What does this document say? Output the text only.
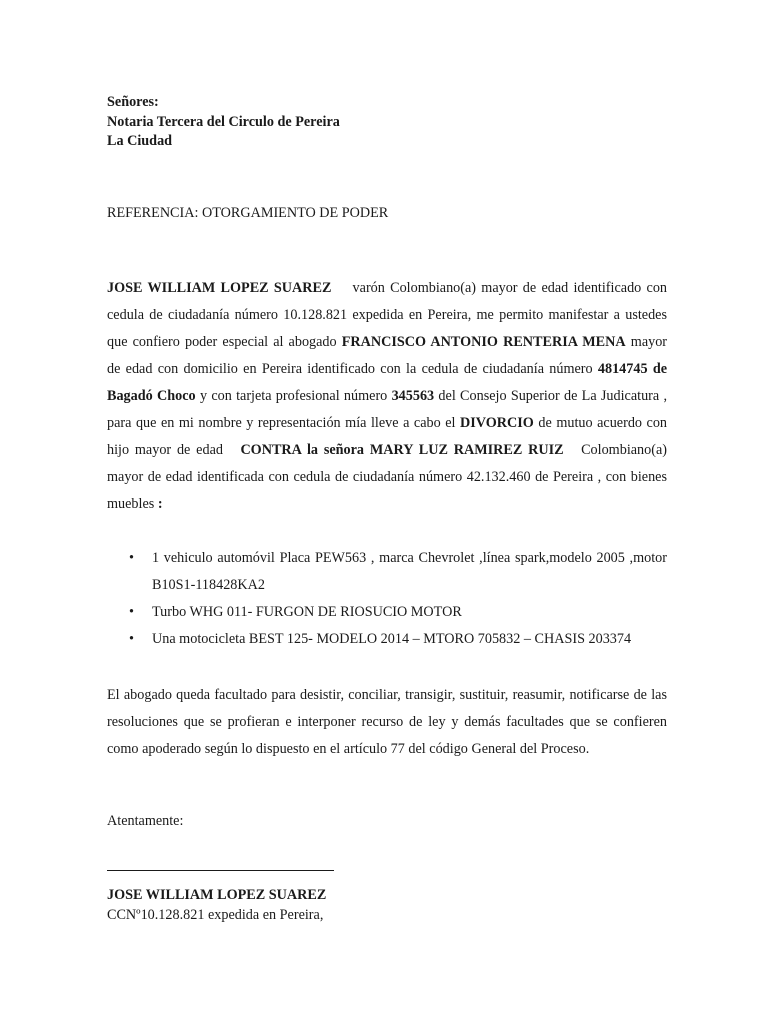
Señores:
Notaria Tercera del Circulo de Pereira
La Ciudad
REFERENCIA: OTORGAMIENTO DE PODER
JOSE WILLIAM LOPEZ SUAREZ varón Colombiano(a) mayor de edad identificado con cedula de ciudadanía número 10.128.821 expedida en Pereira, me permito manifestar a ustedes que confiero poder especial al abogado FRANCISCO ANTONIO RENTERIA MENA mayor de edad con domicilio en Pereira identificado con la cedula de ciudadanía número 4814745 de Bagadó Choco y con tarjeta profesional número 345563 del Consejo Superior de La Judicatura , para que en mi nombre y representación mía lleve a cabo el DIVORCIO de mutuo acuerdo con hijo mayor de edad CONTRA la señora MARY LUZ RAMIREZ RUIZ Colombiano(a) mayor de edad identificada con cedula de ciudadanía número 42.132.460 de Pereira , con bienes muebles :
• 1 vehiculo automóvil Placa PEW563 , marca Chevrolet ,línea spark,modelo 2005 ,motor B10S1-118428KA2
• Turbo WHG 011- FURGON DE RIOSUCIO MOTOR
• Una motocicleta BEST 125- MODELO 2014 – MTORO 705832 – CHASIS 203374
El abogado queda facultado para desistir, conciliar, transigir, sustituir, reasumir, notificarse de las resoluciones que se profieran e interponer recurso de ley y demás facultades que se confieren como apoderado según lo dispuesto en el artículo 77 del código General del Proceso.
Atentamente:
JOSE WILLIAM LOPEZ SUAREZ
CCNº10.128.821 expedida en Pereira,
